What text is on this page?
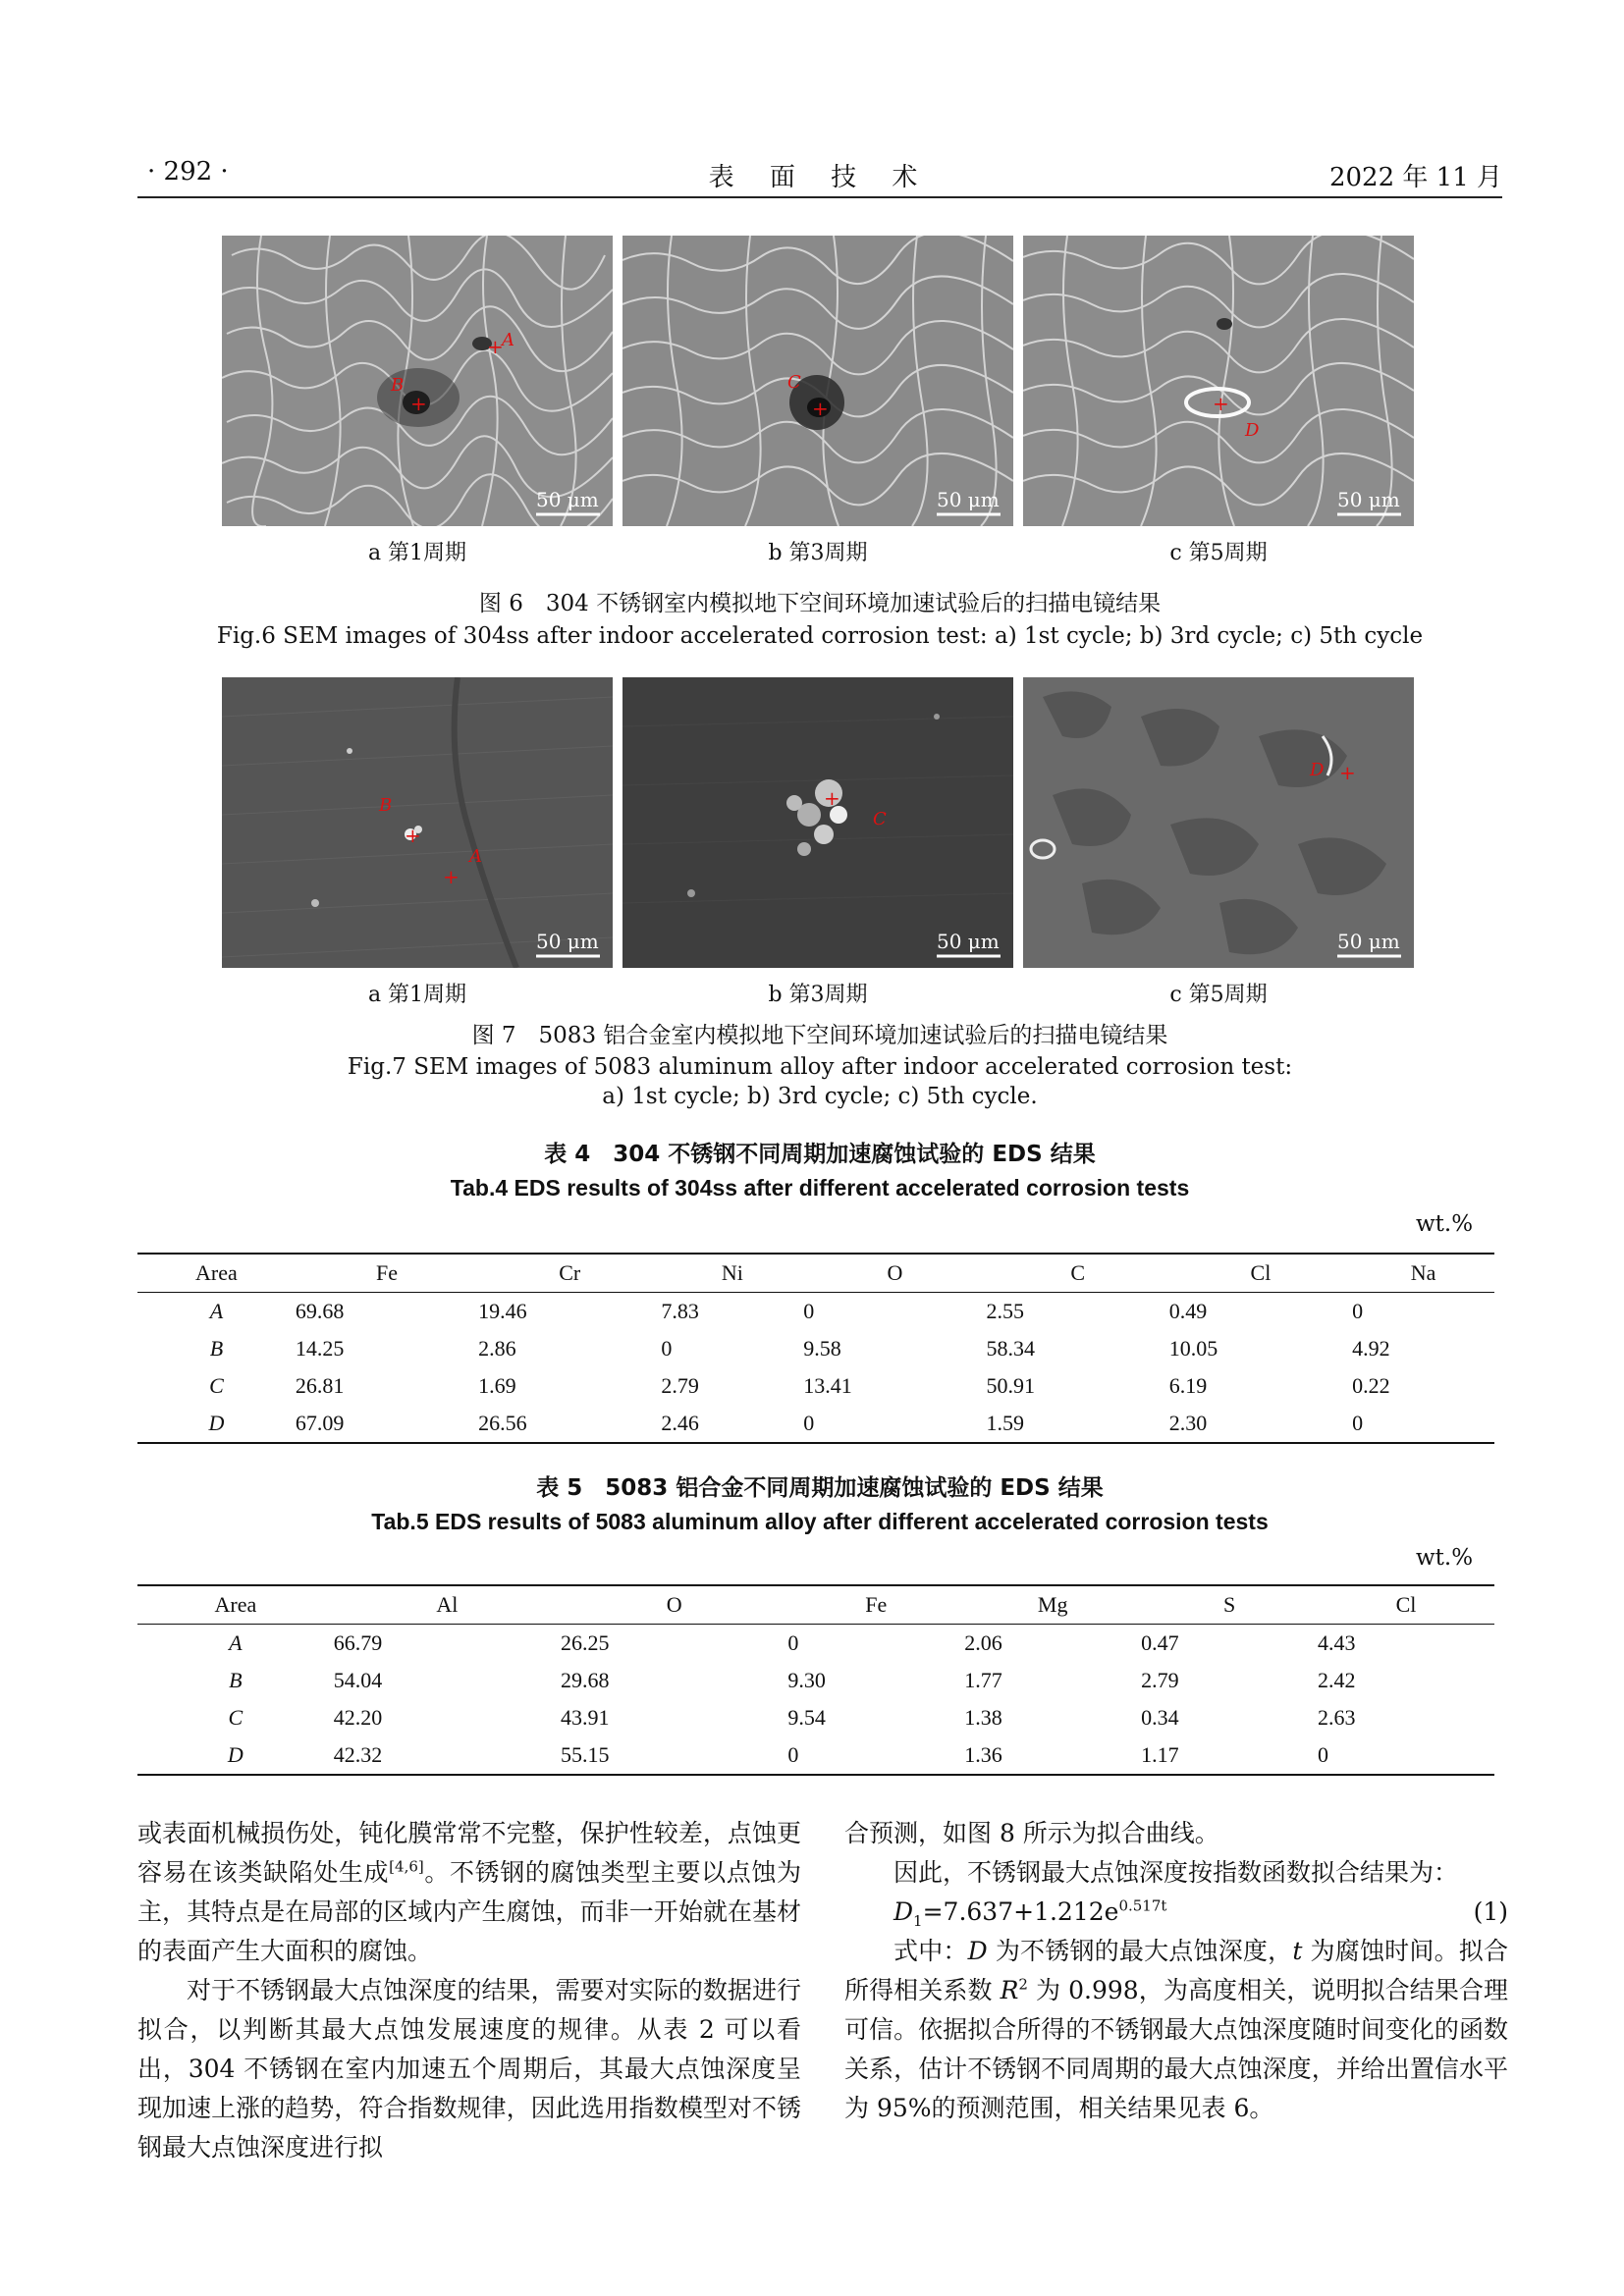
· 292 ·	表 面 技 术	2022 年 11 月
+
A
+
B
50 μm
+
C
50 μm
+
D
50 μm
a 第1周期	b 第3周期	c 第5周期
图 6　304 不锈钢室内模拟地下空间环境加速试验后的扫描电镜结果
Fig.6 SEM images of 304ss after indoor accelerated corrosion test: a) 1st cycle; b) 3rd cycle; c) 5th cycle
+
B
+
A
50 μm
+
C
50 μm
+
D
50 μm
a 第1周期	b 第3周期	c 第5周期
图 7　5083 铝合金室内模拟地下空间环境加速试验后的扫描电镜结果
Fig.7 SEM images of 5083 aluminum alloy after indoor accelerated corrosion test:
a) 1st cycle; b) 3rd cycle; c) 5th cycle.
表 4　304 不锈钢不同周期加速腐蚀试验的 EDS 结果
Tab.4 EDS results of 304ss after different accelerated corrosion tests
wt.%
Area	Fe	Cr	Ni	O	C	Cl	Na
A	69.68	19.46	7.83	0	2.55	0.49	0
B	14.25	2.86	0	9.58	58.34	10.05	4.92
C	26.81	1.69	2.79	13.41	50.91	6.19	0.22
D	67.09	26.56	2.46	0	1.59	2.30	0
表 5　5083 铝合金不同周期加速腐蚀试验的 EDS 结果
Tab.5 EDS results of 5083 aluminum alloy after different accelerated corrosion tests
wt.%
Area	Al	O	Fe	Mg	S	Cl
A	66.79	26.25	0	2.06	0.47	4.43
B	54.04	29.68	9.30	1.77	2.79	2.42
C	42.20	43.91	9.54	1.38	0.34	2.63
D	42.32	55.15	0	1.36	1.17	0

或表面机械损伤处，钝化膜常常不完整，保护性较差，点蚀更容易在该类缺陷处生成[4,6]。不锈钢的腐蚀类型主要以点蚀为主，其特点是在局部的区域内产生腐蚀，而非一开始就在基材的表面产生大面积的腐蚀。

对于不锈钢最大点蚀深度的结果，需要对实际的数据进行拟合，以判断其最大点蚀发展速度的规律。从表 2 可以看出，304 不锈钢在室内加速五个周期后，其最大点蚀深度呈现加速上涨的趋势，符合指数规律，因此选用指数模型对不锈钢最大点蚀深度进行拟

合预测，如图 8 所示为拟合曲线。

因此，不锈钢最大点蚀深度按指数函数拟合结果为：

$D_1=7.637+1.212e^{0.517t}$	(1)

式中：D 为不锈钢的最大点蚀深度，t 为腐蚀时间。拟合所得相关系数 $R^2$ 为 0.998，为高度相关，说明拟合结果合理可信。依据拟合所得的不锈钢最大点蚀深度随时间变化的函数关系，估计不锈钢不同周期的最大点蚀深度，并给出置信水平为 95%的预测范围，相关结果见表 6。
